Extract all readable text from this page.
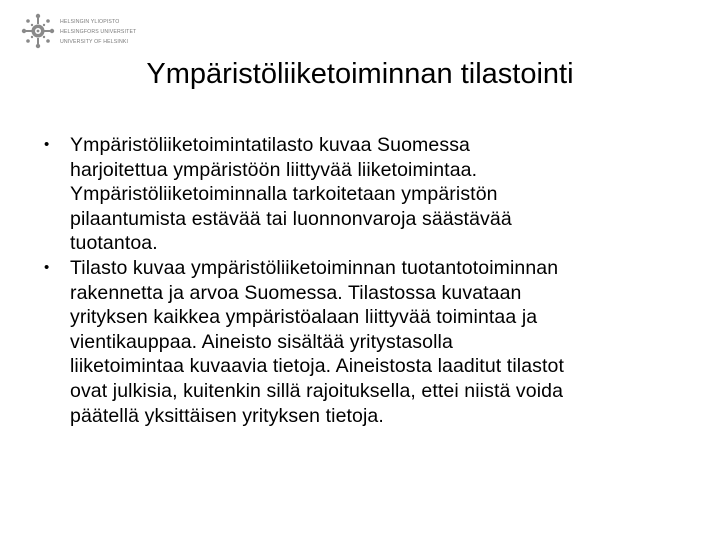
HELSINGIN YLIOPISTO
HELSINGFORS UNIVERSITET
UNIVERSITY OF HELSINKI
Ympäristöliiketoiminnan tilastointi
• Ympäristöliiketoimintatilasto kuvaa Suomessa
harjoitettua ympäristöön liittyvää liiketoimintaa.
Ympäristöliiketoiminnalla tarkoitetaan ympäristön
pilaantumista estävää tai luonnonvaroja säästävää
tuotantoa.
• Tilasto kuvaa ympäristöliiketoiminnan tuotantotoiminnan
rakennetta ja arvoa Suomessa. Tilastossa kuvataan
yrityksen kaikkea ympäristöalaan liittyvää toimintaa ja
vientikauppaa. Aineisto sisältää yritystasolla
liiketoimintaa kuvaavia tietoja. Aineistosta laaditut tilastot
ovat julkisia, kuitenkin sillä rajoituksella, ettei niistä voida
päätellä yksittäisen yrityksen tietoja.
